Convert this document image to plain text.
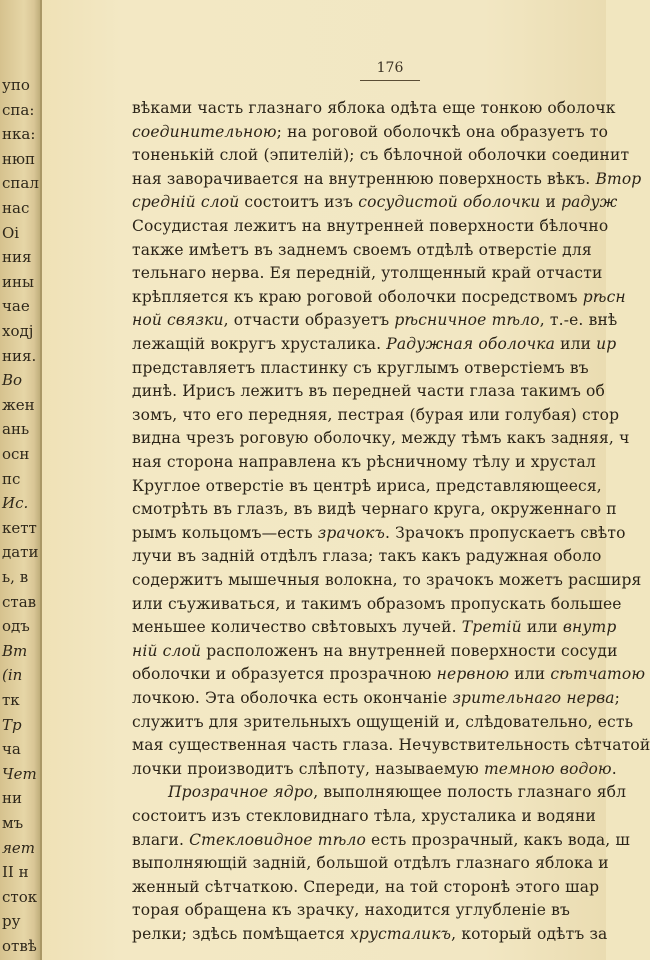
упо
спа:
нка:
нюп
спал
нас
Оі
ния
ины
чае
ходј
ния.
Во
жен
ань
осн
пс
Ис.
кетт
дати
ь, в
став
одъ
Вт
(іп
тк
Тр
ча
Чет
ни
мъ
яет
II н
сток
ру
отвѣ
176
вѣками часть глазнаго яблока одѣта еще тонкою оболочк
соединительною; на роговой оболочкѣ она образуетъ то
тоненькій слой (эпителій); съ бѣлочной оболочки соединит
ная заворачивается на внутреннюю поверхность вѣкъ. Втор
средній слой состоитъ изъ сосудистой оболочки и радуж
Сосудистая лежитъ на внутренней поверхности бѣлочно
также имѣетъ въ заднемъ своемъ отдѣлѣ отверстіе для
тельнаго нерва. Ея передній, утолщенный край отчасти
крѣпляется къ краю роговой оболочки посредствомъ рѣсн
ной связки, отчасти образуетъ рѣсничное тѣло, т.-е. внѣ
лежащій вокругъ хрусталика. Радужная оболочка или ир
представляетъ пластинку съ круглымъ отверстіемъ въ
динѣ. Ирисъ лежитъ въ передней части глаза такимъ об
зомъ, что его передняя, пестрая (бурая или голубая) стор
видна чрезъ роговую оболочку, между тѣмъ какъ задняя, ч
ная сторона направлена къ рѣсничному тѣлу и хрустал
Круглое отверстіе въ центрѣ ириса, представляющееся,
смотрѣть въ глазъ, въ видѣ чернаго круга, окруженнаго п
рымъ кольцомъ—есть зрачокъ. Зрачокъ пропускаетъ свѣто
лучи въ задній отдѣлъ глаза; такъ какъ радужная оболо
содержитъ мышечныя волокна, то зрачокъ можетъ расширя
или съуживаться, и такимъ образомъ пропускать большее
меньшее количество свѣтовыхъ лучей. Третій или внутр
ній слой расположенъ на внутренней поверхности сосуди
оболочки и образуется прозрачною нервною или сѣтчатою
лочкою. Эта оболочка есть окончаніе зрительнаго нерва;
служитъ для зрительныхъ ощущеній и, слѣдовательно, есть
мая существенная часть глаза. Нечувствительность сѣтчатой
лочки производитъ слѣпоту, называемую темною водою.
Прозрачное ядро, выполняющее полость глазнаго ябл
состоитъ изъ стекловиднаго тѣла, хрусталика и водяни
влаги. Стекловидное тѣло есть прозрачный, какъ вода, ш
выполняющій задній, большой отдѣлъ глазнаго яблока и
женный сѣтчаткою. Спереди, на той сторонѣ этого шар
торая обращена къ зрачку, находится углубленіе въ
релки; здѣсь помѣщается хрусталикъ, который одѣтъ за
